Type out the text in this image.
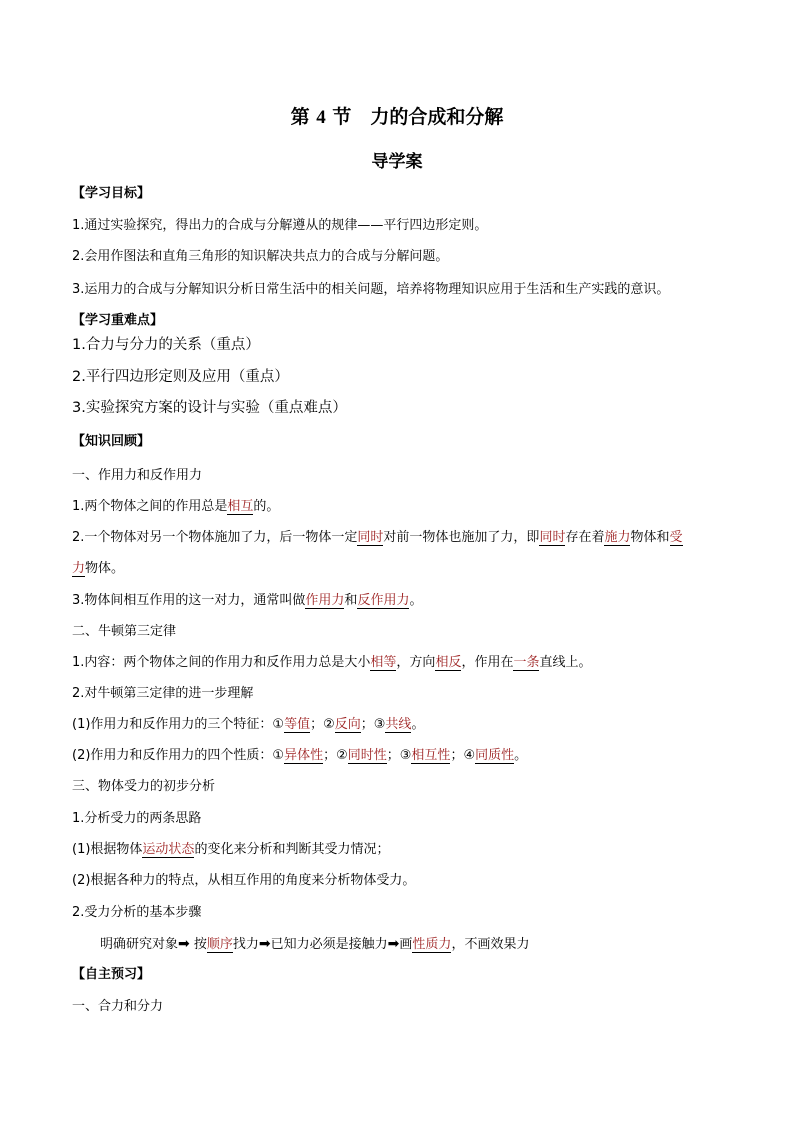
第 4 节　力的合成和分解
导学案
【学习目标】
1.通过实验探究，得出力的合成与分解遵从的规律——平行四边形定则。
2.会用作图法和直角三角形的知识解决共点力的合成与分解问题。
3.运用力的合成与分解知识分析日常生活中的相关问题，培养将物理知识应用于生活和生产实践的意识。
【学习重难点】
1.合力与分力的关系（重点）
2.平行四边形定则及应用（重点）
3.实验探究方案的设计与实验（重点难点）
【知识回顾】
一、作用力和反作用力
1.两个物体之间的作用总是相互的。
2.一个物体对另一个物体施加了力，后一物体一定同时对前一物体也施加了力，即同时存在着施力物体和受
力物体。
3.物体间相互作用的这一对力，通常叫做作用力和反作用力。
二、牛顿第三定律
1.内容：两个物体之间的作用力和反作用力总是大小相等，方向相反，作用在一条直线上。
2.对牛顿第三定律的进一步理解
(1)作用力和反作用力的三个特征：①等值；②反向；③共线。
(2)作用力和反作用力的四个性质：①异体性；②同时性；③相互性；④同质性。
三、物体受力的初步分析
1.分析受力的两条思路
(1)根据物体运动状态的变化来分析和判断其受力情况；
(2)根据各种力的特点，从相互作用的角度来分析物体受力。
2.受力分析的基本步骤
明确研究对象➡ 按顺序找力➡已知力必须是接触力➡画性质力，不画效果力
【自主预习】
一、合力和分力
